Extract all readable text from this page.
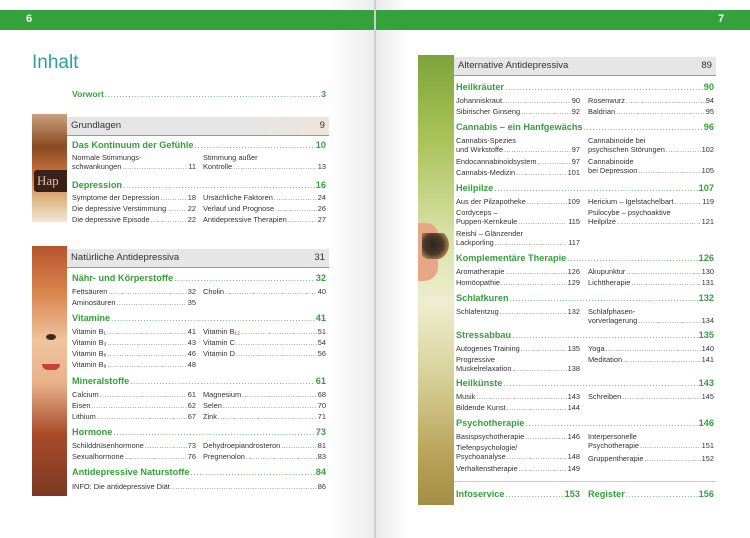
6
Inhalt
Vorwort .....	3
Hap
Grundlagen	9
Das Kontinuum der Gefühle .....	10
Normale Stimmungs-
schwankungen .....	11
Stimmung außer
Kontrolle .....	13
Depression .....	16
Symptome der Depression .....	18 Ursächliche Faktoren .....	24
Die depressive Verstimmung .....	22 Verlauf und Prognose .....	26
Die depressive Episode .....	22 Antidepressive Therapien .....	27
Natürliche Antidepressiva	31
Nähr- und Körperstoffe .....	32
Fettsäuren .....	32 Cholin .....	40
Aminosäuren .....	35
Vitamine .....	41
Vitamin B₁ .....	41 Vitamin B₁₂ .....	51
Vitamin B₃ .....	43 Vitamin C .....	54
Vitamin B₆ .....	46 Vitamin D .....	56
Vitamin B₉ .....	48
Mineralstoffe .....	61
Calcium .....	61 Magnesium .....	68
Eisen .....	62 Selen .....	70
Lithium .....	67 Zink .....	71
Hormone .....	73
Schilddrüsenhormone .....	73 Dehydroepiandrosteron .....	81
Sexualhormone .....	76 Pregnenolon .....	83
Antidepressive Naturstoffe .....	84
INFO: Die antidepressive Diät .....	86
7
Alternative Antidepressiva	89
Heilkräuter .....	90
Johanniskraut .....	90 Rosenwurz .....	94
Sibirischer Ginseng .....	92 Baldrian .....	95
Cannabis – ein Hanfgewächs .....	96
Cannabis-Spezies
und Wirkstoffe .....	97
Cannabinoide bei
psychischen Störungen .....	102
Endocannabinoidsystem .....	97 Cannabinoide
bei Depression .....	105
Cannabis-Medizin .....	101
Heilpilze .....	107
Aus der Pilzapotheke .....	109 Hericium – Igelstachelbart .....	119
Cordyceps –
Puppen-Kernkeule .....	115
Psilocybe – psychoaktive
Heilpilze .....	121
Reishi – Glänzender
Lackporling .....	117
Komplementäre Therapie .....	126
Aromatherapie .....	126 Akupunktur .....	130
Homöopathie .....	129 Lichttherapie .....	131
Schlafkuren .....	132
Schlafentzug .....	132 Schlafphasen-
vorverlagerung .....	134
Stressabbau .....	135
Autogenes Training .....	135 Yoga .....	140
Progressive
Muskelrelaxation .....	138
Meditation .....	141
Heilkünste .....	143
Musik .....	143 Schreiben .....	145
Bildende Kunst .....	144
Psychotherapie .....	146
Basispsychotherapie .....	146 Interpersonelle
Psychotherapie .....	151
Tiefenpsychologie/
Psychoanalyse .....	148 Gruppentherapie .....	152
Verhaltenstherapie .....	149
Infoservice .....	153 Register .....	156
